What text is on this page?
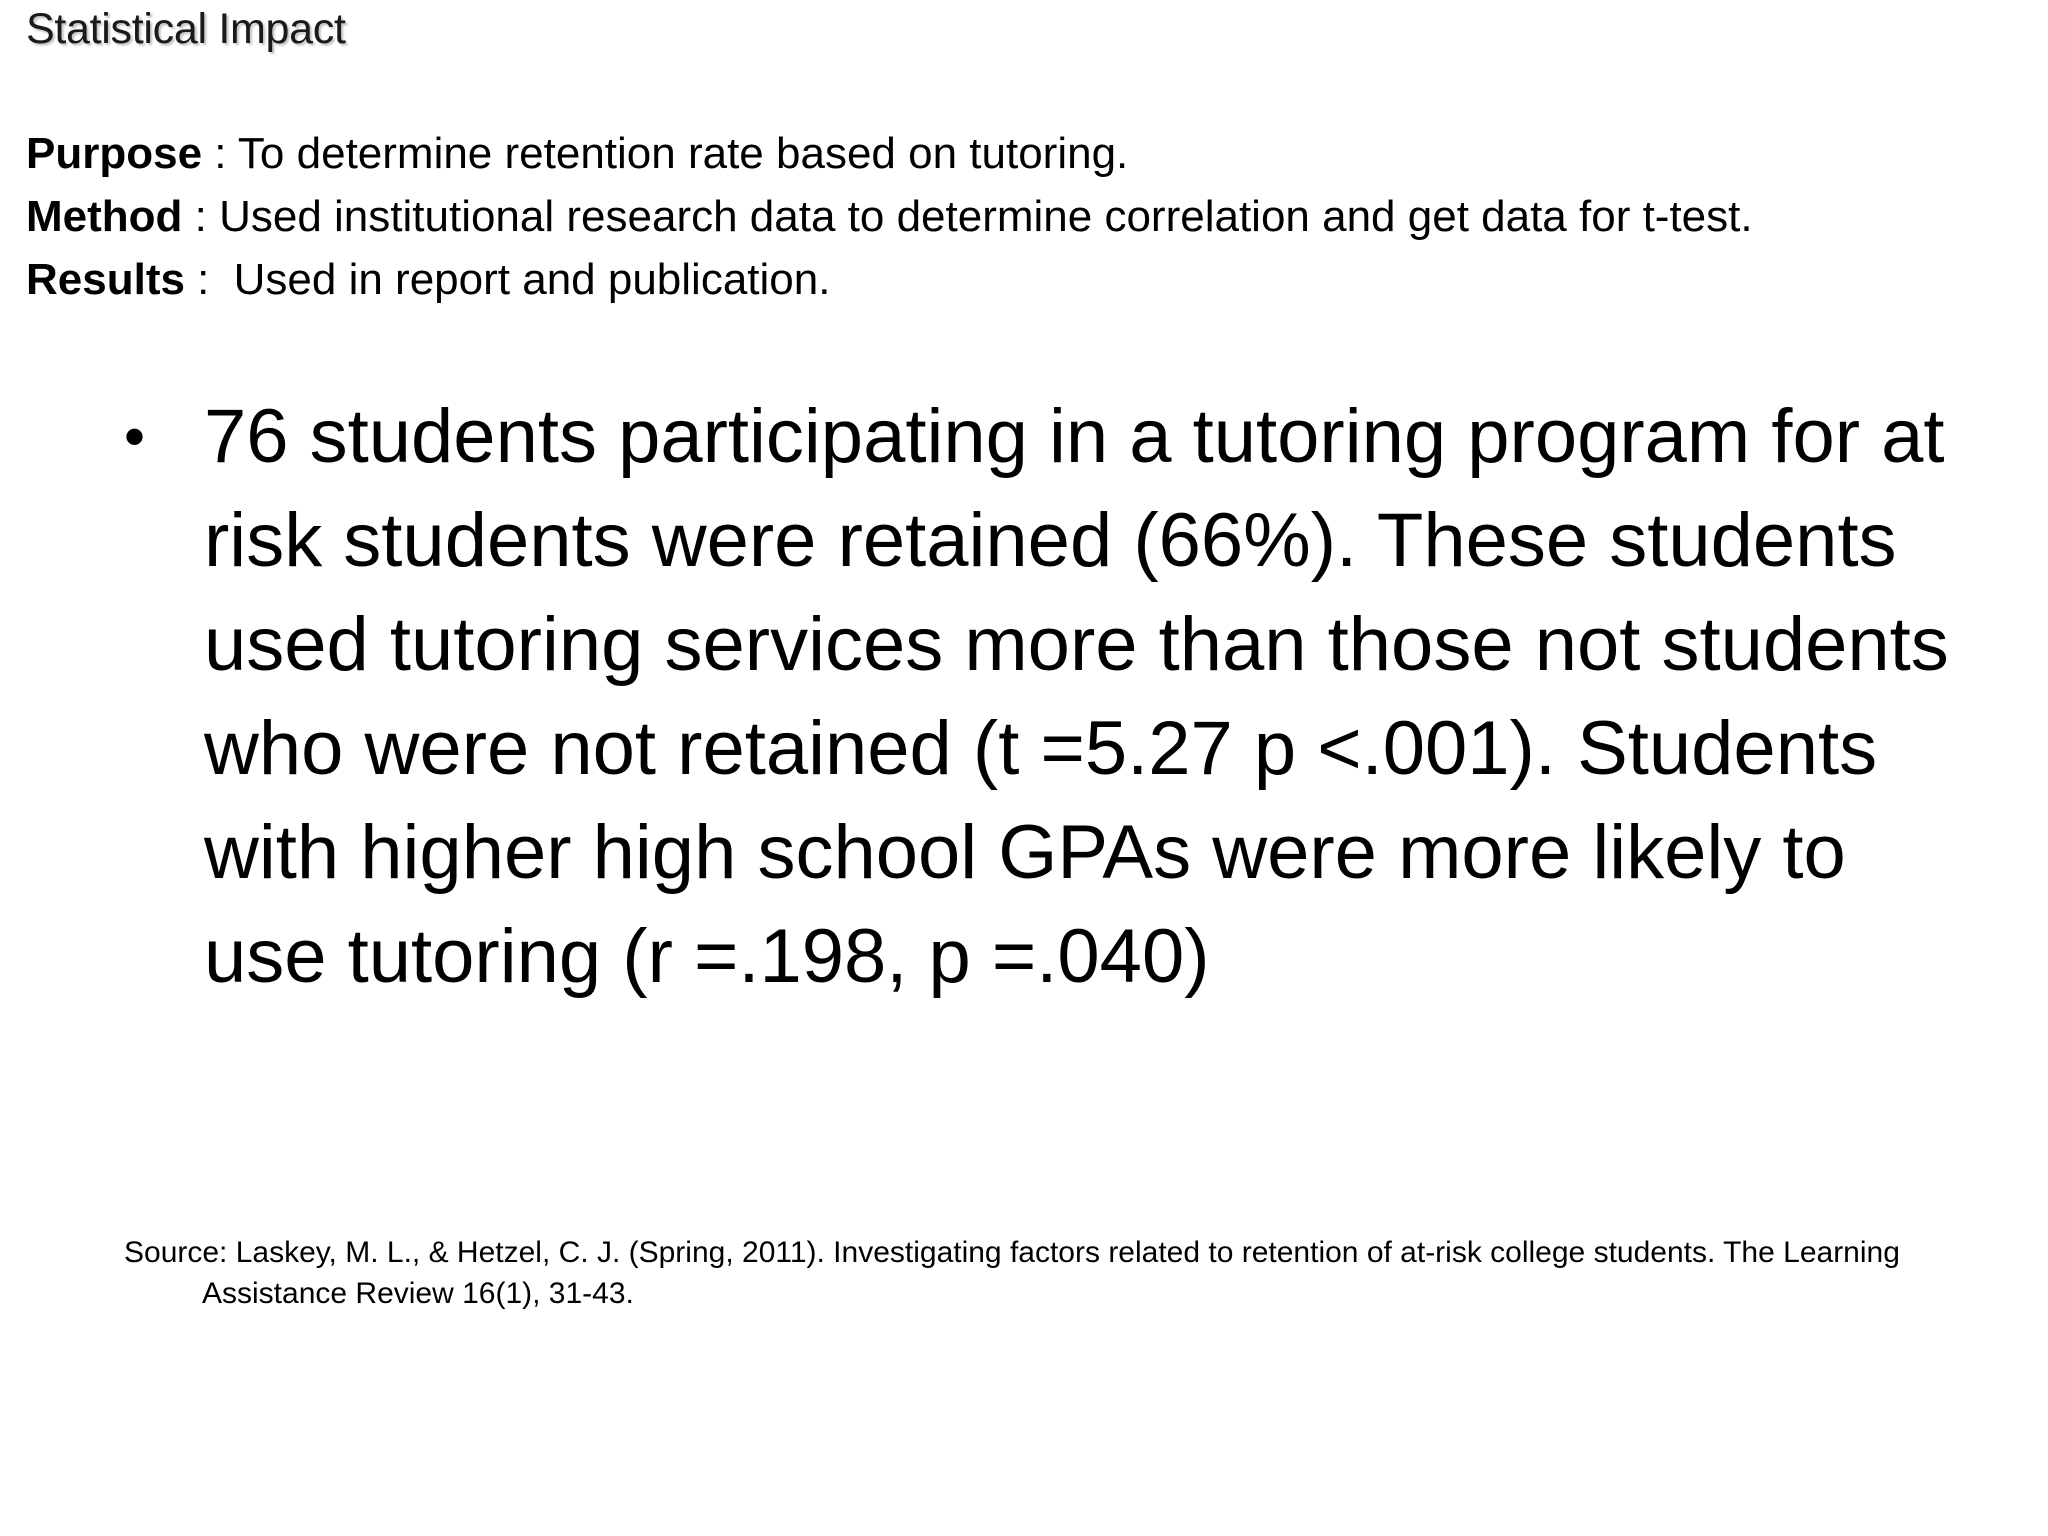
Statistical Impact
Purpose : To determine retention rate based on tutoring.
Method : Used institutional research data to determine correlation and get data for t-test.
Results : Used in report and publication.
• 76 students participating in a tutoring program for at risk students were retained (66%). These students used tutoring services more than those not students who were not retained (t =5.27 p <.001). Students with higher high school GPAs were more likely to use tutoring (r =.198, p =.040)
Source: Laskey, M. L., & Hetzel, C. J. (Spring, 2011). Investigating factors related to retention of at-risk college students. The Learning Assistance Review 16(1), 31-43.
